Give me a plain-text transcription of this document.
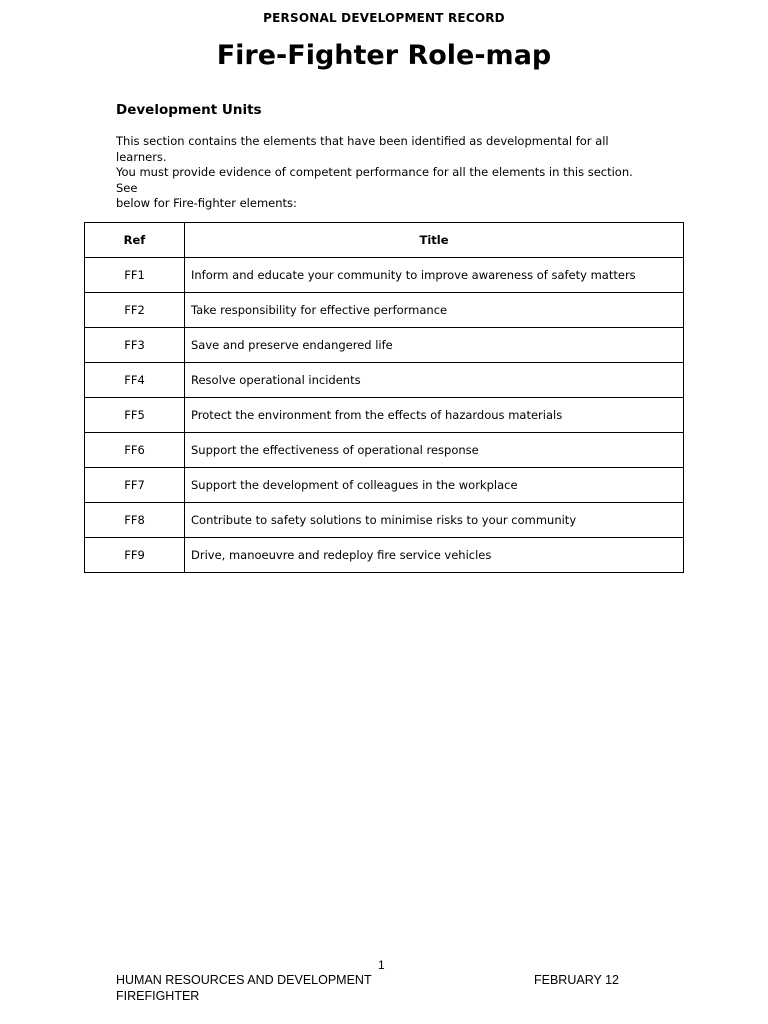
PERSONAL DEVELOPMENT RECORD
Fire-Fighter Role-map
Development Units
This section contains the elements that have been identified as developmental for all learners.
You must provide evidence of competent performance for all the elements in this section. See
below for Fire-fighter elements:
Ref	Title
FF1	Inform and educate your community to improve awareness of safety matters
FF2	Take responsibility for effective performance
FF3	Save and preserve endangered life
FF4	Resolve operational incidents
FF5	Protect the environment from the effects of hazardous materials
FF6	Support the effectiveness of operational response
FF7	Support the development of colleagues in the workplace
FF8	Contribute to safety solutions to minimise risks to your community
FF9	Drive, manoeuvre and redeploy fire service vehicles
1
HUMAN RESOURCES AND DEVELOPMENT
FIREFIGHTER
FEBRUARY 12
